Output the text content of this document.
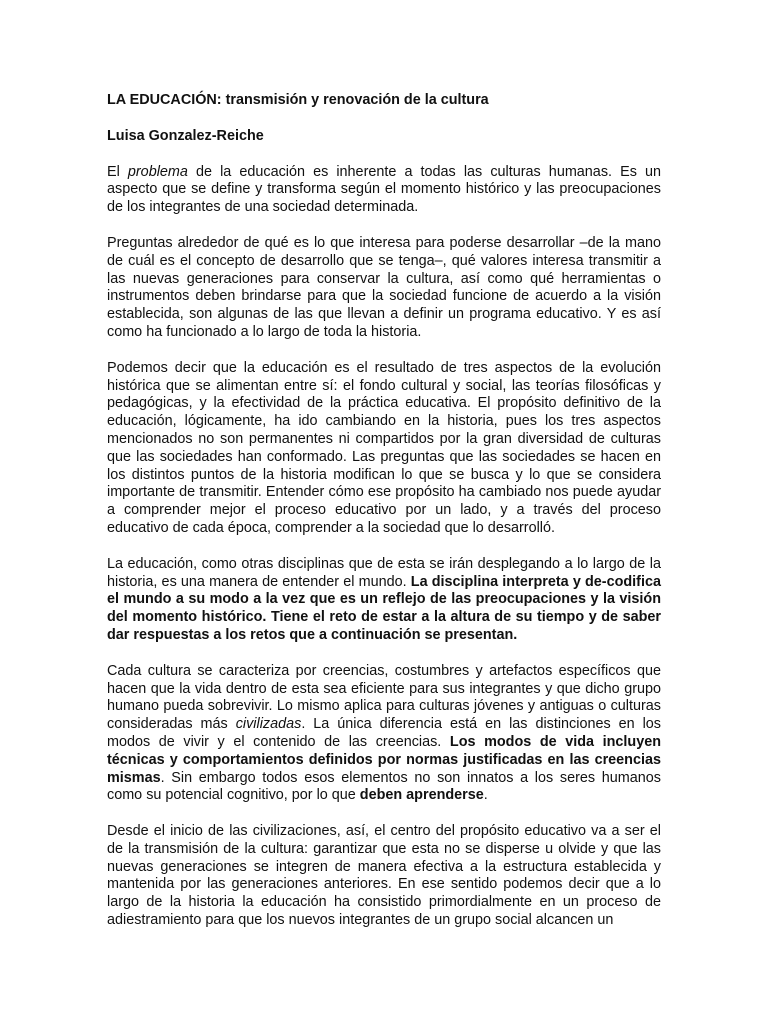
LA EDUCACIÓN: transmisión y renovación de la cultura
Luisa Gonzalez-Reiche

El problema de la educación es inherente a todas las culturas humanas. Es un aspecto que se define y transforma según el momento histórico y las preocupaciones de los integrantes de una sociedad determinada.

Preguntas alrededor de qué es lo que interesa para poderse desarrollar –de la mano de cuál es el concepto de desarrollo que se tenga–, qué valores interesa transmitir a las nuevas generaciones para conservar la cultura, así como qué herramientas o instrumentos deben brindarse para que la sociedad funcione de acuerdo a la visión establecida, son algunas de las que llevan a definir un programa educativo. Y es así como ha funcionado a lo largo de toda la historia.

Podemos decir que la educación es el resultado de tres aspectos de la evolución histórica que se alimentan entre sí: el fondo cultural y social, las teorías filosóficas y pedagógicas, y la efectividad de la práctica educativa. El propósito definitivo de la educación, lógicamente, ha ido cambiando en la historia, pues los tres aspectos mencionados no son permanentes ni compartidos por la gran diversidad de culturas que las sociedades han conformado. Las preguntas que las sociedades se hacen en los distintos puntos de la historia modifican lo que se busca y lo que se considera importante de transmitir. Entender cómo ese propósito ha cambiado nos puede ayudar a comprender mejor el proceso educativo por un lado, y a través del proceso educativo de cada época, comprender a la sociedad que lo desarrolló.

La educación, como otras disciplinas que de esta se irán desplegando a lo largo de la historia, es una manera de entender el mundo. La disciplina interpreta y de-codifica el mundo a su modo a la vez que es un reflejo de las preocupaciones y la visión del momento histórico. Tiene el reto de estar a la altura de su tiempo y de saber dar respuestas a los retos que a continuación se presentan.

Cada cultura se caracteriza por creencias, costumbres y artefactos específicos que hacen que la vida dentro de esta sea eficiente para sus integrantes y que dicho grupo humano pueda sobrevivir. Lo mismo aplica para culturas jóvenes y antiguas o culturas consideradas más civilizadas. La única diferencia está en las distinciones en los modos de vivir y el contenido de las creencias. Los modos de vida incluyen técnicas y comportamientos definidos por normas justificadas en las creencias mismas. Sin embargo todos esos elementos no son innatos a los seres humanos como su potencial cognitivo, por lo que deben aprenderse.

Desde el inicio de las civilizaciones, así, el centro del propósito educativo va a ser el de la transmisión de la cultura: garantizar que esta no se disperse u olvide y que las nuevas generaciones se integren de manera efectiva a la estructura establecida y mantenida por las generaciones anteriores. En ese sentido podemos decir que a lo largo de la historia la educación ha consistido primordialmente en un proceso de adiestramiento para que los nuevos integrantes de un grupo social alcancen un
